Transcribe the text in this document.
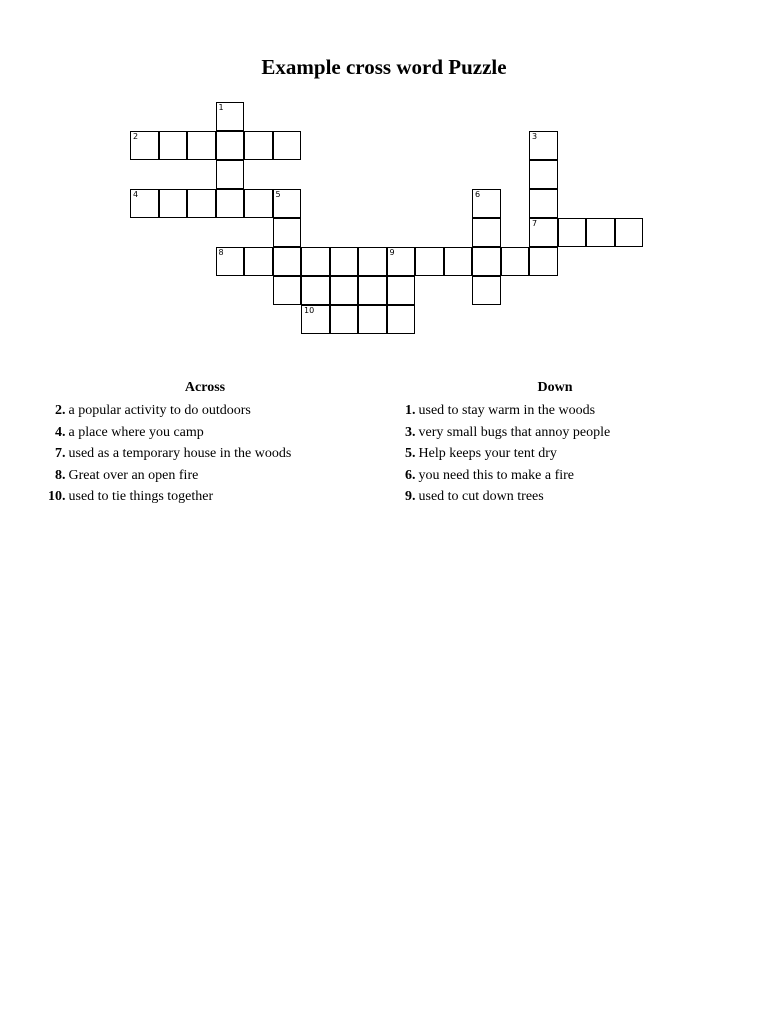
Example cross word Puzzle
1
2	3
4	5	6
7
8	9
10
Across
2. a popular activity to do outdoors
4. a place where you camp
7. used as a temporary house in the woods
8. Great over an open fire
10. used to tie things together
Down
1. used to stay warm in the woods
3. very small bugs that annoy people
5. Help keeps your tent dry
6. you need this to make a fire
9. used to cut down trees
